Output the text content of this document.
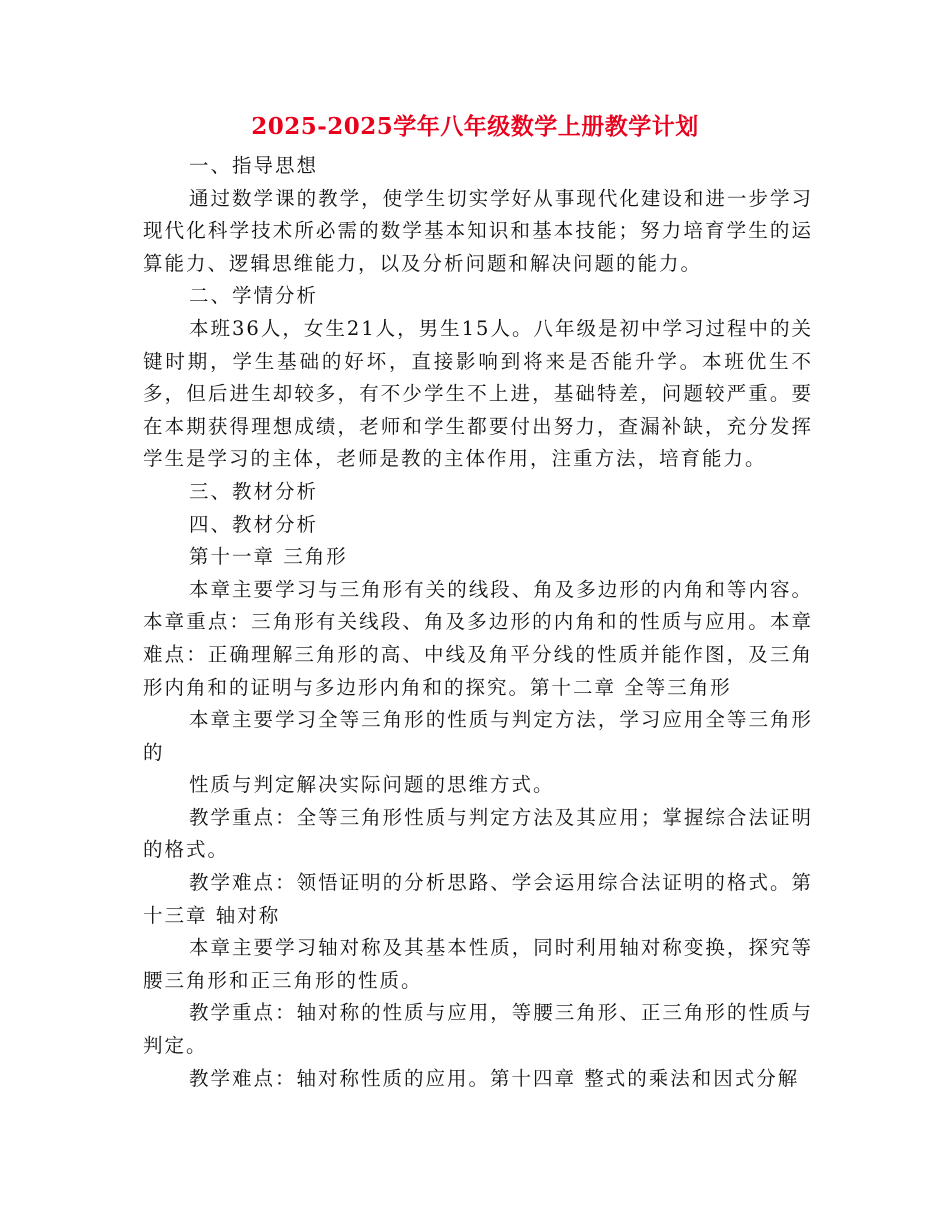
2025-2025学年八年级数学上册教学计划

一、指导思想

通过数学课的教学，使学生切实学好从事现代化建设和进一步学习现代化科学技术所必需的数学基本知识和基本技能；努力培育学生的运算能力、逻辑思维能力，以及分析问题和解决问题的能力。

二、学情分析

本班36人，女生21人，男生15人。八年级是初中学习过程中的关键时期，学生基础的好坏，直接影响到将来是否能升学。本班优生不多，但后进生却较多，有不少学生不上进，基础特差，问题较严重。要在本期获得理想成绩，老师和学生都要付出努力，查漏补缺，充分发挥学生是学习的主体，老师是教的主体作用，注重方法，培育能力。

三、教材分析

四、教材分析

第十一章 三角形

本章主要学习与三角形有关的线段、角及多边形的内角和等内容。本章重点：三角形有关线段、角及多边形的内角和的性质与应用。本章难点：正确理解三角形的高、中线及角平分线的性质并能作图，及三角形内角和的证明与多边形内角和的探究。第十二章 全等三角形

本章主要学习全等三角形的性质与判定方法，学习应用全等三角形的

性质与判定解决实际问题的思维方式。

教学重点：全等三角形性质与判定方法及其应用；掌握综合法证明的格式。

教学难点：领悟证明的分析思路、学会运用综合法证明的格式。第十三章 轴对称

本章主要学习轴对称及其基本性质，同时利用轴对称变换，探究等腰三角形和正三角形的性质。

教学重点：轴对称的性质与应用，等腰三角形、正三角形的性质与判定。

教学难点：轴对称性质的应用。第十四章 整式的乘法和因式分解
